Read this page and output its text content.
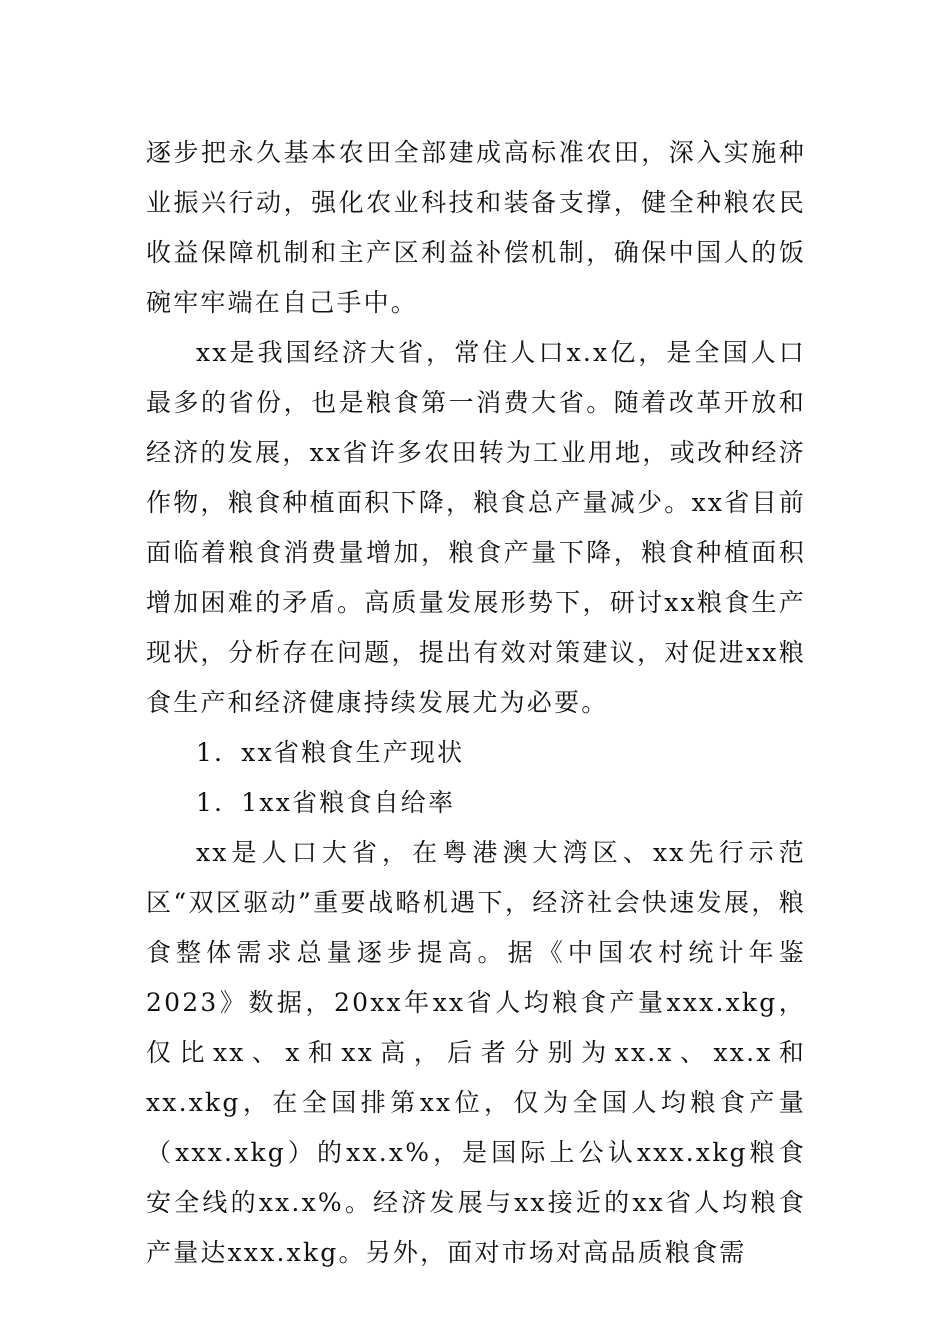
逐步把永久基本农田全部建成高标准农田，深入实施种业振兴行动，强化农业科技和装备支撑，健全种粮农民收益保障机制和主产区利益补偿机制，确保中国人的饭碗牢牢端在自己手中。

xx是我国经济大省，常住人口x.x亿，是全国人口最多的省份，也是粮食第一消费大省。随着改革开放和经济的发展，xx省许多农田转为工业用地，或改种经济作物，粮食种植面积下降，粮食总产量减少。xx省目前面临着粮食消费量增加，粮食产量下降，粮食种植面积增加困难的矛盾。高质量发展形势下，研讨xx粮食生产现状，分析存在问题，提出有效对策建议，对促进xx粮食生产和经济健康持续发展尤为必要。

1．xx省粮食生产现状

1．1xx省粮食自给率

xx是人口大省，在粤港澳大湾区、xx先行示范区“双区驱动”重要战略机遇下，经济社会快速发展，粮食整体需求总量逐步提高。据《中国农村统计年鉴2023》数据，20xx年xx省人均粮食产量xxx.xkg，仅比xx、x和xx高，后者分别为xx.x、xx.x和xx.xkg，在全国排第xx位，仅为全国人均粮食产量（xxx.xkg）的xx.x%，是国际上公认xxx.xkg粮食安全线的xx.x%。经济发展与xx接近的xx省人均粮食产量达xxx.xkg。另外，面对市场对高品质粮食需
